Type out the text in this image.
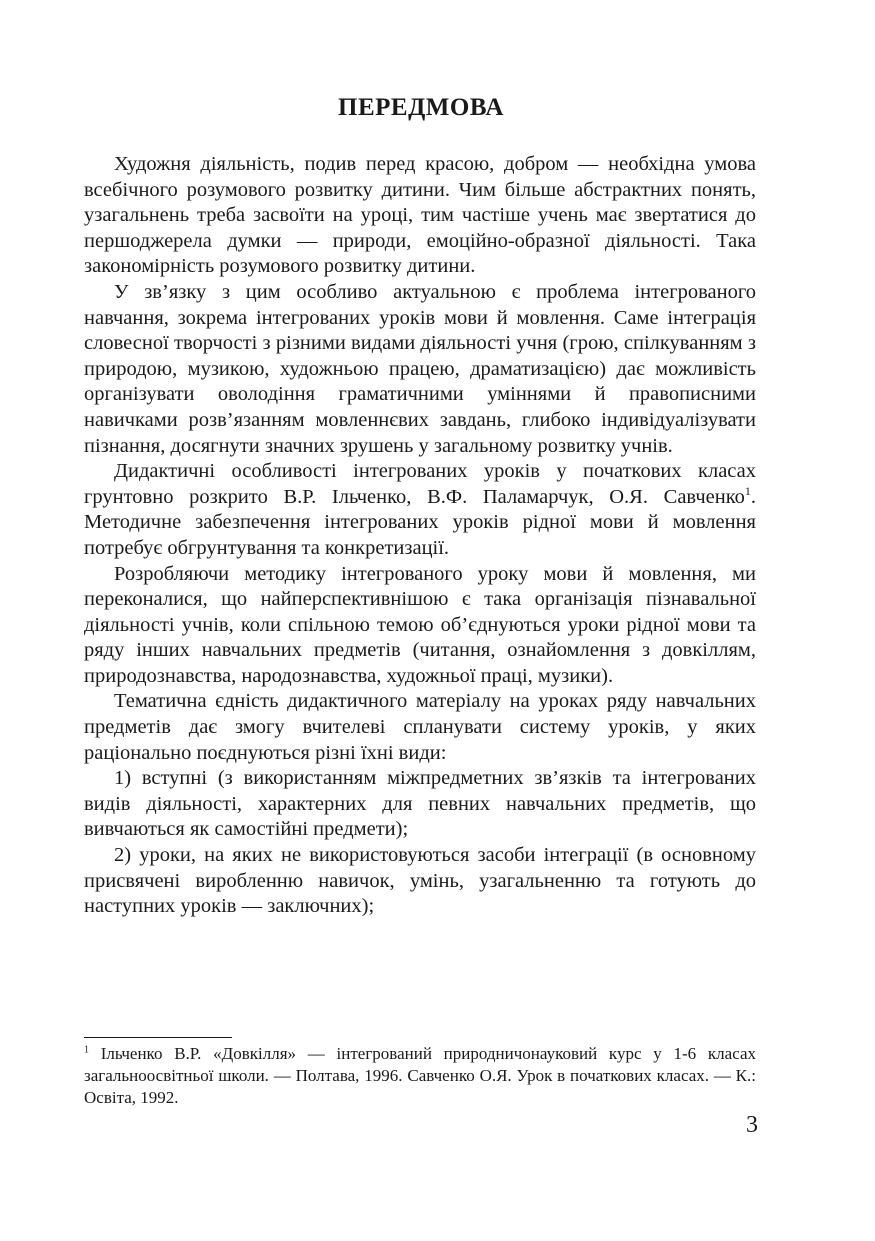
ПЕРЕДМОВА

Художня діяльність, подив перед красою, добром — необхідна умова всебічного розумового розвитку дитини. Чим більше абстрактних понять, узагальнень треба засвоїти на уроці, тим частіше учень має звертатися до першоджерела думки — природи, емоційно-образної діяльності. Така закономірність розумового розвитку дитини.

У зв’язку з цим особливо актуальною є проблема інтегрованого навчання, зокрема інтегрованих уроків мови й мовлення. Саме інтеграція словесної творчості з різними видами діяльності учня (грою, спілкуванням з природою, музикою, художньою працею, драматизацією) дає можливість організувати оволодіння граматичними уміннями й правописними навичками розв’язанням мовленнєвих завдань, глибоко індивідуалізувати пізнання, досягнути значних зрушень у загальному розвитку учнів.

Дидактичні особливості інтегрованих уроків у початкових класах грунтовно розкрито В.Р. Ільченко, В.Ф. Паламарчук, О.Я. Савченко$^1$. Методичне забезпечення інтегрованих уроків рідної мови й мовлення потребує обгрунтування та конкретизації.

Розробляючи методику інтегрованого уроку мови й мовлення, ми переконалися, що найперспективнішою є така організація пізнавальної діяльності учнів, коли спільною темою об’єднуються уроки рідної мови та ряду інших навчальних предметів (читання, ознайомлення з довкіллям, природознавства, народознавства, художньої праці, музики).

Тематична єдність дидактичного матеріалу на уроках ряду навчальних предметів дає змогу вчителеві спланувати систему уроків, у яких раціонально поєднуються різні їхні види:

1) вступні (з використанням міжпредметних зв’язків та інтегрованих видів діяльності, характерних для певних навчальних предметів, що вивчаються як самостійні предмети);

2) уроки, на яких не використовуються засоби інтеграції (в основному присвячені виробленню навичок, умінь, узагальненню та готують до наступних уроків — заключних);

$^1$ Ільченко В.Р. «Довкілля» — інтегрований природничонауковий курс у 1-6 класах загальноосвітньої школи. — Полтава, 1996. Савченко О.Я. Урок в початкових класах. — К.: Освіта, 1992.

3
